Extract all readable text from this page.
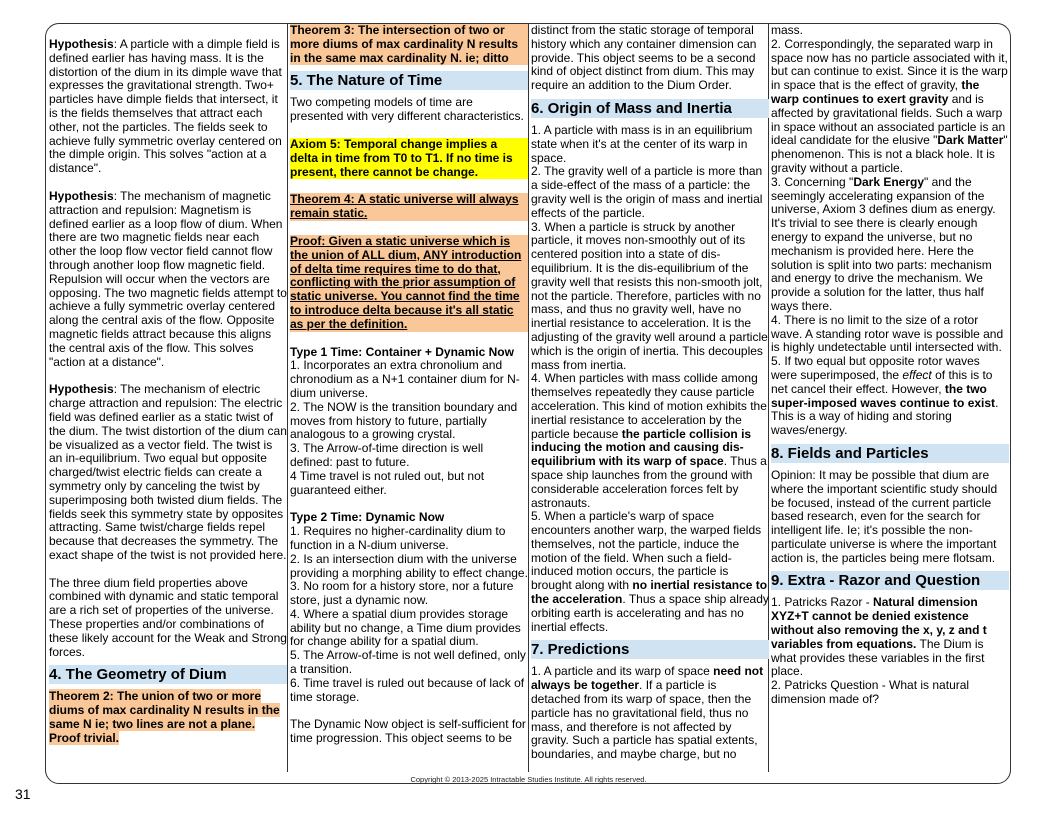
Hypothesis: A particle with a dimple field is defined earlier has having mass. It is the distortion of the dium in its dimple wave that expresses the gravitational strength. Two+ particles have dimple fields that intersect, it is the fields themselves that attract each other, not the particles. The fields seek to achieve fully symmetric overlay centered on the dimple origin. This solves "action at a distance".

Hypothesis: The mechanism of magnetic attraction and repulsion: Magnetism is defined earlier as a loop flow of dium. When there are two magnetic fields near each other the loop flow vector field cannot flow through another loop flow magnetic field. Repulsion will occur when the vectors are opposing. The two magnetic fields attempt to achieve a fully symmetric overlay centered along the central axis of the flow. Opposite magnetic fields attract because this aligns the central axis of the flow. This solves "action at a distance".

Hypothesis: The mechanism of electric charge attraction and repulsion: The electric field was defined earlier as a static twist of the dium. The twist distortion of the dium can be visualized as a vector field. The twist is an in-equilibrium. Two equal but opposite charged/twist electric fields can create a symmetry only by canceling the twist by superimposing both twisted dium fields. The fields seek this symmetry state by opposites attracting. Same twist/charge fields repel because that decreases the symmetry. The exact shape of the twist is not provided here.

The three dium field properties above combined with dynamic and static temporal are a rich set of properties of the universe. These properties and/or combinations of these likely account for the Weak and Strong forces.

4. The Geometry of Dium

Theorem 2: The union of two or more diums of max cardinality N results in the same N ie; two lines are not a plane. Proof trivial.

Theorem 3: The intersection of two or more diums of max cardinality N results in the same max cardinality N. ie; ditto

5. The Nature of Time

Two competing models of time are presented with very different characteristics.

Axiom 5: Temporal change implies a delta in time from T0 to T1. If no time is present, there cannot be change.

Theorem 4: A static universe will always remain static.

Proof: Given a static universe which is the union of ALL dium, ANY introduction of delta time requires time to do that, conflicting with the prior assumption of static universe. You cannot find the time to introduce delta because it's all static as per the definition.

Type 1 Time: Container + Dynamic Now

1. Incorporates an extra chronolium and chronodium as a N+1 container dium for N-dium universe.

2. The NOW is the transition boundary and moves from history to future, partially analogous to a growing crystal.

3. The Arrow-of-time direction is well defined: past to future.

4 Time travel is not ruled out, but not guaranteed either.

Type 2 Time: Dynamic Now

1. Requires no higher-cardinality dium to function in a N-dium universe.

2. Is an intersection dium with the universe providing a morphing ability to effect change.

3. No room for a history store, nor a future store, just a dynamic now.

4. Where a spatial dium provides storage ability but no change, a Time dium provides for change ability for a spatial dium.

5. The Arrow-of-time is not well defined, only a transition.

6. Time travel is ruled out because of lack of time storage.

The Dynamic Now object is self-sufficient for time progression. This object seems to be

distinct from the static storage of temporal history which any container dimension can provide. This object seems to be a second kind of object distinct from dium. This may require an addition to the Dium Order.

6. Origin of Mass and Inertia

1. A particle with mass is in an equilibrium state when it's at the center of its warp in space.

2. The gravity well of a particle is more than a side-effect of the mass of a particle: the gravity well is the origin of mass and inertial effects of the particle.

3. When a particle is struck by another particle, it moves non-smoothly out of its centered position into a state of dis-equilibrium. It is the dis-equilibrium of the gravity well that resists this non-smooth jolt, not the particle. Therefore, particles with no mass, and thus no gravity well, have no inertial resistance to acceleration. It is the adjusting of the gravity well around a particle which is the origin of inertia. This decouples mass from inertia.

4. When particles with mass collide among themselves repeatedly they cause particle acceleration. This kind of motion exhibits the inertial resistance to acceleration by the particle because the particle collision is inducing the motion and causing dis-equilibrium with its warp of space. Thus a space ship launches from the ground with considerable acceleration forces felt by astronauts.

5. When a particle's warp of space encounters another warp, the warped fields themselves, not the particle, induce the motion of the field. When such a field-induced motion occurs, the particle is brought along with no inertial resistance to the acceleration. Thus a space ship already orbiting earth is accelerating and has no inertial effects.

7. Predictions

1. A particle and its warp of space need not always be together. If a particle is detached from its warp of space, then the particle has no gravitational field, thus no mass, and therefore is not affected by gravity. Such a particle has spatial extents, boundaries, and maybe charge, but no

mass.

2. Correspondingly, the separated warp in space now has no particle associated with it, but can continue to exist. Since it is the warp in space that is the effect of gravity, the warp continues to exert gravity and is affected by gravitational fields. Such a warp in space without an associated particle is an ideal candidate for the elusive "Dark Matter" phenomenon. This is not a black hole. It is gravity without a particle.

3. Concerning "Dark Energy" and the seemingly accelerating expansion of the universe, Axiom 3 defines dium as energy. It's trivial to see there is clearly enough energy to expand the universe, but no mechanism is provided here. Here the solution is split into two parts: mechanism and energy to drive the mechanism. We provide a solution for the latter, thus half ways there.

4. There is no limit to the size of a rotor wave. A standing rotor wave is possible and is highly undetectable until intersected with.

5. If two equal but opposite rotor waves were superimposed, the effect of this is to net cancel their effect. However, the two super-imposed waves continue to exist. This is a way of hiding and storing waves/energy.

8. Fields and Particles

Opinion: It may be possible that dium are where the important scientific study should be focused, instead of the current particle based research, even for the search for intelligent life. Ie; it's possible the non-particulate universe is where the important action is, the particles being mere flotsam.

9. Extra - Razor and Question

1. Patricks Razor - Natural dimension XYZ+T cannot be denied existence without also removing the x, y, z and t variables from equations. The Dium is what provides these variables in the first place.

2. Patricks Question - What is natural dimension made of?

Copyright © 2013-2025 Intractable Studies Institute. All rights reserved.
31
